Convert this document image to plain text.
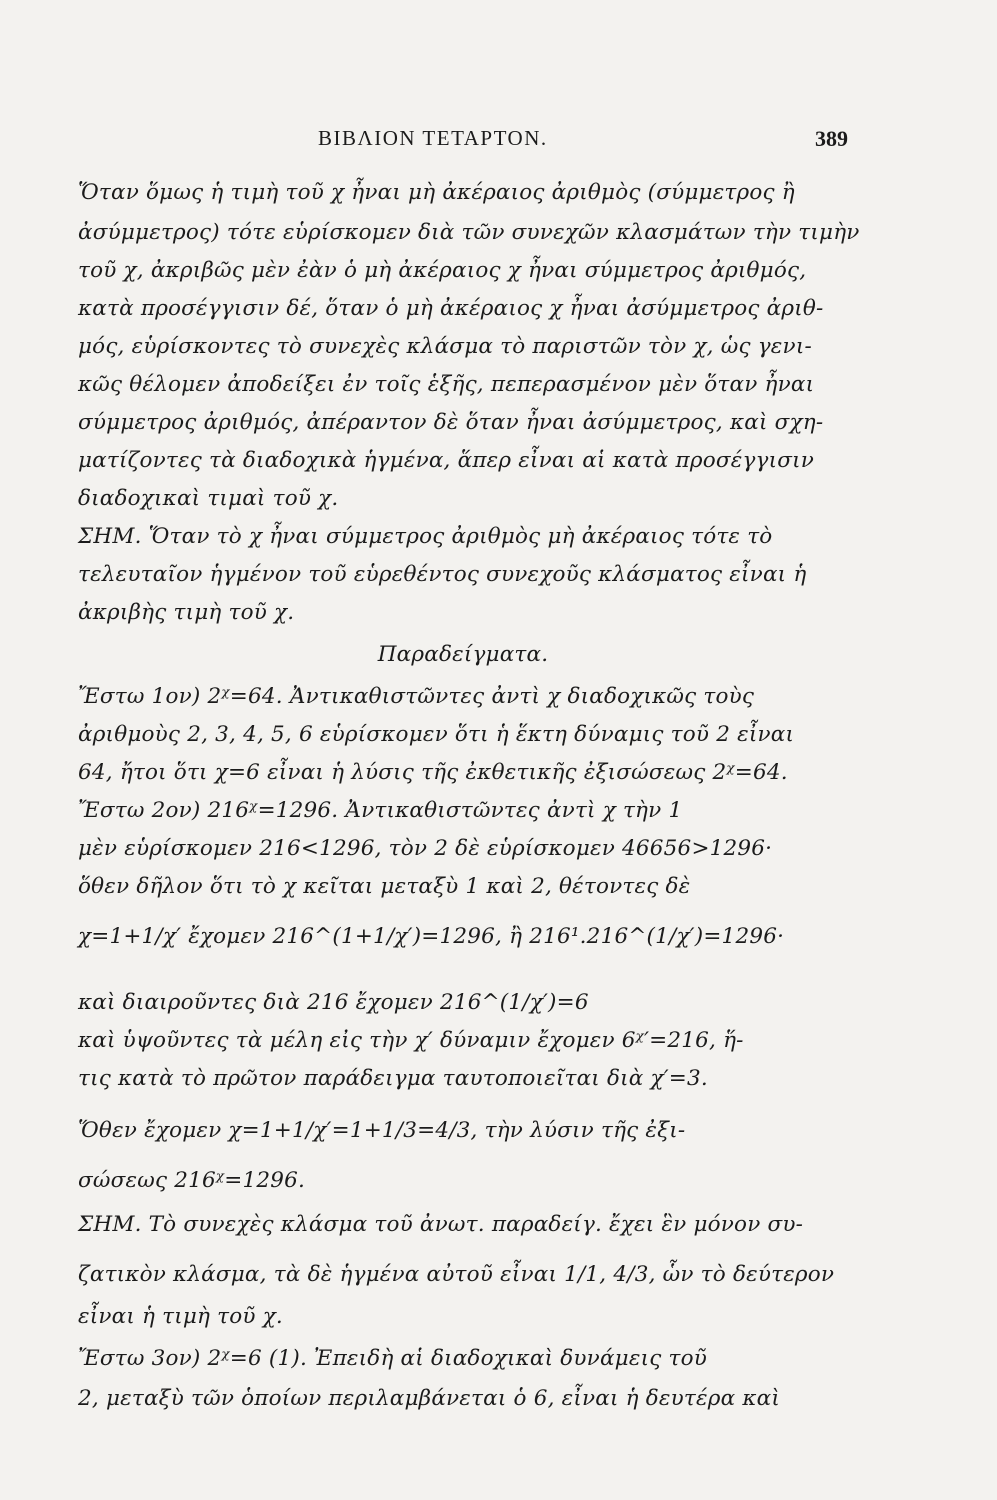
ΒΙΒΛΙΟΝ ΤΕΤΑΡΤΟΝ.	389
Ὅταν ὅμως ἡ τιμὴ τοῦ χ ἦναι μὴ ἀκέραιος ἀριθμὸς (σύμμετρος ἢ
ἀσύμμετρος) τότε εὑρίσκομεν διὰ τῶν συνεχῶν κλασμάτων τὴν τιμὴν
τοῦ χ, ἀκριβῶς μὲν ἐὰν ὁ μὴ ἀκέραιος χ ἦναι σύμμετρος ἀριθμός,
κατὰ προσέγγισιν δέ, ὅταν ὁ μὴ ἀκέραιος χ ἦναι ἀσύμμετρος ἀριθ-
μός, εὑρίσκοντες τὸ συνεχὲς κλάσμα τὸ παριστῶν τὸν χ, ὡς γενι-
κῶς θέλομεν ἀποδείξει ἐν τοῖς ἑξῆς, πεπερασμένον μὲν ὅταν ἦναι
σύμμετρος ἀριθμός, ἀπέραντον δὲ ὅταν ἦναι ἀσύμμετρος, καὶ σχη-
ματίζοντες τὰ διαδοχικὰ ἡγμένα, ἅπερ εἶναι αἱ κατὰ προσέγγισιν
διαδοχικαὶ τιμαὶ τοῦ χ.
ΣΗΜ. Ὅταν τὸ χ ἦναι σύμμετρος ἀριθμὸς μὴ ἀκέραιος τότε τὸ
τελευταῖον ἡγμένον τοῦ εὑρεθέντος συνεχοῦς κλάσματος εἶναι ἡ
ἀκριβὴς τιμὴ τοῦ χ.
Παραδείγματα.
Ἔστω 1ον) 2ᵡ=64. Ἀντικαθιστῶντες ἀντὶ χ διαδοχικῶς τοὺς
ἀριθμοὺς 2, 3, 4, 5, 6 εὑρίσκομεν ὅτι ἡ ἕκτη δύναμις τοῦ 2 εἶναι
64, ἤτοι ὅτι χ=6 εἶναι ἡ λύσις τῆς ἐκθετικῆς ἐξισώσεως 2ᵡ=64.
Ἔστω 2ον) 216ᵡ=1296. Ἀντικαθιστῶντες ἀντὶ χ τὴν 1
μὲν εὑρίσκομεν 216<1296, τὸν 2 δὲ εὑρίσκομεν 46656>1296·
ὅθεν δῆλον ὅτι τὸ χ κεῖται μεταξὺ 1 καὶ 2, θέτοντες δὲ
χ=1+1/χ′ ἔχομεν 216^(1+1/χ′)=1296, ἢ 216¹.216^(1/χ′)=1296·
καὶ διαιροῦντες διὰ 216 ἔχομεν 216^(1/χ′)=6
καὶ ὑψοῦντες τὰ μέλη εἰς τὴν χ′ δύναμιν ἔχομεν 6ᵡ′=216, ἥ-
τις κατὰ τὸ πρῶτον παράδειγμα ταυτοποιεῖται διὰ χ′=3.
Ὅθεν ἔχομεν χ=1+1/χ′=1+1/3=4/3, τὴν λύσιν τῆς ἐξι-
σώσεως 216ᵡ=1296.
ΣΗΜ. Τὸ συνεχὲς κλάσμα τοῦ ἀνωτ. παραδείγ. ἔχει ἓν μόνον συ-
ζατικὸν κλάσμα, τὰ δὲ ἡγμένα αὐτοῦ εἶναι 1/1, 4/3, ὧν τὸ δεύτερον
εἶναι ἡ τιμὴ τοῦ χ.
Ἔστω 3ον) 2ᵡ=6 (1). Ἐπειδὴ αἱ διαδοχικαὶ δυνάμεις τοῦ
2, μεταξὺ τῶν ὁποίων περιλαμβάνεται ὁ 6, εἶναι ἡ δευτέρα καὶ
